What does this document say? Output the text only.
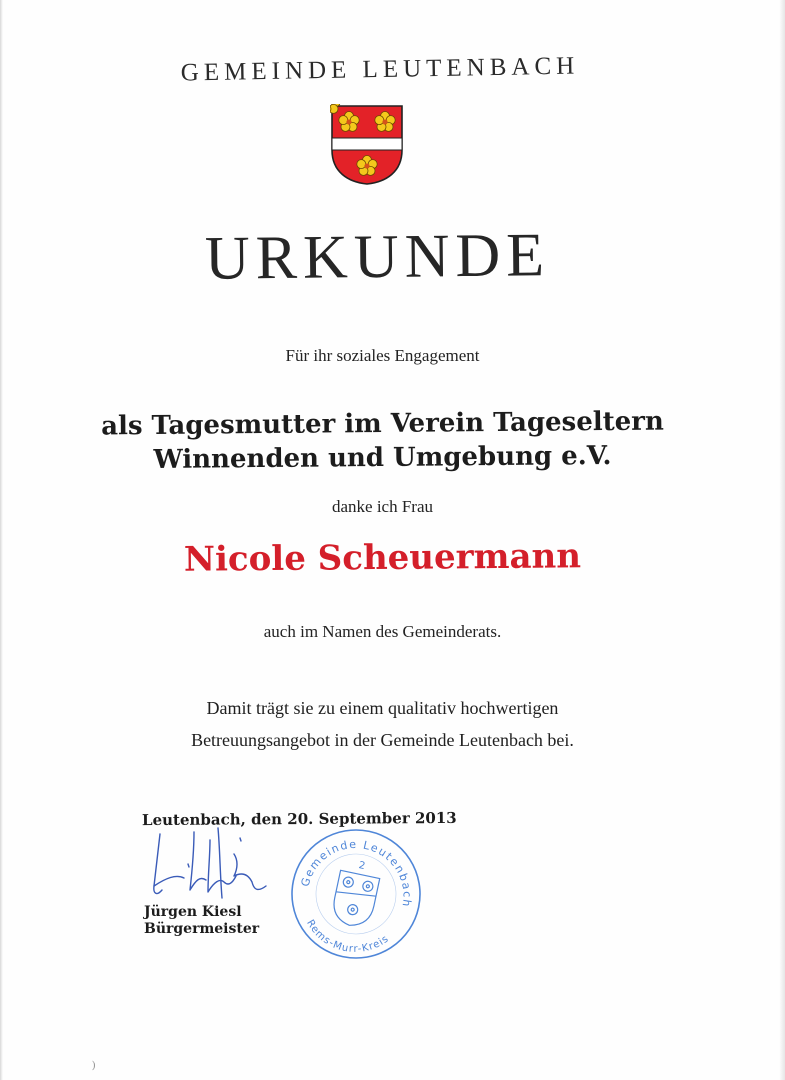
GEMEINDE LEUTENBACH
URKUNDE
Für ihr soziales Engagement
als Tagesmutter im Verein Tageseltern
Winnenden und Umgebung e.V.
danke ich Frau
Nicole Scheuermann
auch im Namen des Gemeinderats.
Damit trägt sie zu einem qualitativ hochwertigen
Betreuungsangebot in der Gemeinde Leutenbach bei.
Leutenbach, den 20. September 2013
Jürgen Kiesl
Bürgermeister
Gemeinde Leutenbach
Rems-Murr-Kreis
2
)
